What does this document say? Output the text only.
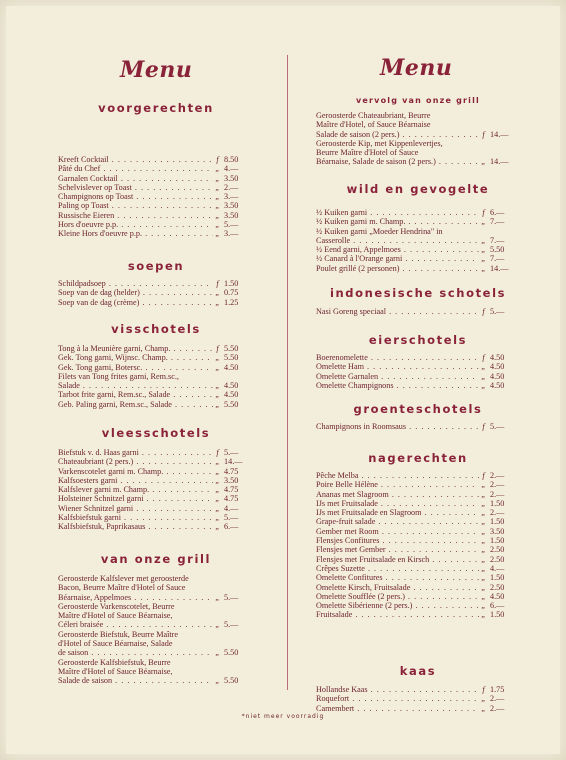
Menu
voorgerechten
Kreeft Cocktail . . .	f 8.50
Pâté du Chef . . .	„ 4.—
Garnalen Cocktail . . .	„ 3.50
Schelvislever op Toast . . .	„ 2.—
Champignons op Toast . . .	„ 3.—
Paling op Toast . . .	„ 3.50
Russische Eieren . . .	„ 3.50
Hors d'oeuvre p.p. . . .	„ 5.—
Kleine Hors d'oeuvre p.p. . . .	„ 3.—
soepen
Schildpadsoep . . .	f 1.50
Soep van de dag (helder) . . .	„ 0.75
Soep van de dag (crème) . . .	„ 1.25
visschotels
Tong à la Meunière garni, Champ. . . .	f 5.50
Gek. Tong garni, Wijnsc. Champ. . . .	„ 5.50
Gek. Tong garni, Botersc. . . .	„ 4.50
Filets van Tong frites garni, Rem.sc.,
Salade . . .	„ 4.50
Tarbot frite garni, Rem.sc., Salade . . .	„ 4.50
Geb. Paling garni, Rem.sc., Salade . . .	„ 5.50
vleesschotels
Biefstuk v. d. Haas garni . . .	f 5.—
Chateaubriant (2 pers.) . . .	„ 14.—
Varkenscotelet garni m. Champ. . . .	„ 4.75
Kalfsoesters garni . . .	„ 3.50
Kalfslever garni m. Champ. . . .	„ 4.75
Holsteiner Schnitzel garni . . .	„ 4.75
Wiener Schnitzel garni . . .	„ 4.—
Kalfsbiefstuk garni . . .	„ 5.—
Kalfsbiefstuk, Paprikasaus . . .	„ 6.—
van onze grill
Geroosterde Kalfslever met geroosterde
Bacon, Beurre Maître d'Hotel of Sauce
Béarnaise, Appelmoes . . .	„ 5.—
Geroosterde Varkenscotelet, Beurre
Maître d'Hotel of Sauce Béarnaise,
Céleri braisée . . .	„ 5.—
Geroosterde Biefstuk, Beurre Maître
d'Hotel of Sauce Béarnaise, Salade
de saison . . .	„ 5.50
Geroosterde Kalfsbiefstuk, Beurre
Maître d'Hotel of Sauce Béarnaise,
Salade de saison . . .	„ 5.50
Menu
vervolg van onze grill
Geroosterde Chateaubriant, Beurre
Maître d'Hotel, of Sauce Béarnaise
Salade de saison (2 pers.) . . .	f 14.—
Geroosterde Kip, met Kippenlevertjes,
Beurre Maître d'Hotel of Sauce
Béarnaise, Salade de saison (2 pers.) . . .	„ 14.—
wild en gevogelte
½ Kuiken garni . . .	f 6.—
½ Kuiken garni m. Champ. . . .	„ 7.—
½ Kuiken garni „Moeder Hendrina" in
Casserolle . . .	„ 7.—
½ Eend garni, Appelmoes . . .	„ 5.50
½ Canard à l'Orange garni . . .	„ 7.—
Poulet grillé (2 personen) . . .	„ 14.—
indonesische schotels
Nasi Goreng speciaal . . .	f 5.—
eierschotels
Boerenomelette . . .	f 4.50
Omelette Ham . . .	„ 4.50
Omelette Garnalen . . .	„ 4.50
Omelette Champignons . . .	„ 4.50
groenteschotels
Champignons in Roomsaus . . .	f 5.—
nagerechten
Pêche Melba . . .	f 2.—
Poire Belle Hélène . . .	„ 2.—
Ananas met Slagroom . . .	„ 2.—
IJs met Fruitsalade . . .	„ 1.50
IJs met Fruitsalade en Slagroom . . .	„ 2.—
Grape-fruit salade . . .	„ 1.50
Gember met Room . . .	„ 3.50
Flensjes Confitures . . .	„ 1.50
Flensjes met Gember . . .	„ 2.50
Flensjes met Fruitsalade en Kirsch . . .	„ 2.50
Crêpes Suzette . . .	„ 4.—
Omelette Confitures . . .	„ 1.50
Omelette Kirsch, Fruitsalade . . .	„ 2.50
Omelette Soufflée (2 pers.) . . .	„ 4.50
Omelette Sibérienne (2 pers.) . . .	„ 6.—
Fruitsalade . . .	„ 1.50
kaas
Hollandse Kaas . . .	f 1.75
Roquefort . . .	„ 2.—
Camembert . . .	„ 2.—
*niet meer voorradig
